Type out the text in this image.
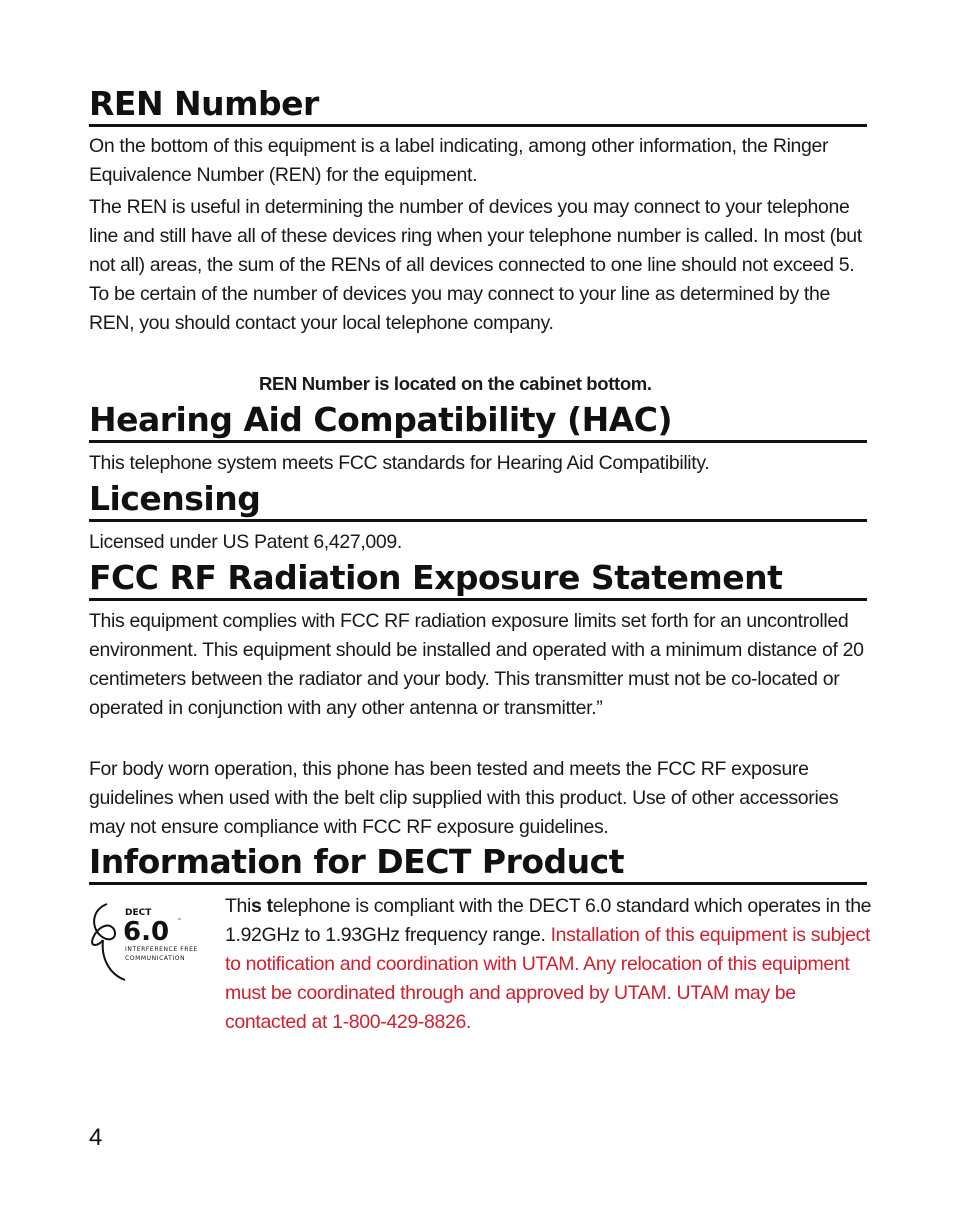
REN Number
On the bottom of this equipment is a label indicating, among other information, the Ringer Equivalence Number (REN) for the equipment.
The REN is useful in determining the number of devices you may connect to your telephone line and still have all of these devices ring when your telephone number is called. In most (but not all) areas, the sum of the RENs of all devices connected to one line should not exceed 5. To be certain of the number of devices you may connect to your line as determined by the REN, you should contact your local telephone company.
REN Number is located on the cabinet bottom.
Hearing Aid Compatibility (HAC)
This telephone system meets FCC standards for Hearing Aid Compatibility.
Licensing
Licensed under US Patent 6,427,009.
FCC RF Radiation Exposure Statement
This equipment complies with FCC RF radiation exposure limits set forth for an uncontrolled environment. This equipment should be installed and operated with a minimum distance of 20 centimeters between the radiator and your body. This transmitter must not be co-located or operated in conjunction with any other antenna or transmitter.”
For body worn operation, this phone has been tested and meets the FCC RF exposure guidelines when used with the belt clip supplied with this product. Use of other accessories may not ensure compliance with FCC RF exposure guidelines.
Information for DECT Product
DECT
6.0 ™
INTERFERENCE FREE
COMMUNICATION
This telephone is compliant with the DECT 6.0 standard which operates in the 1.92GHz to 1.93GHz frequency range. Installation of this equipment is subject to notification and coordination with UTAM. Any relocation of this equipment must be coordinated through and approved by UTAM. UTAM may be contacted at 1-800-429-8826.
4
